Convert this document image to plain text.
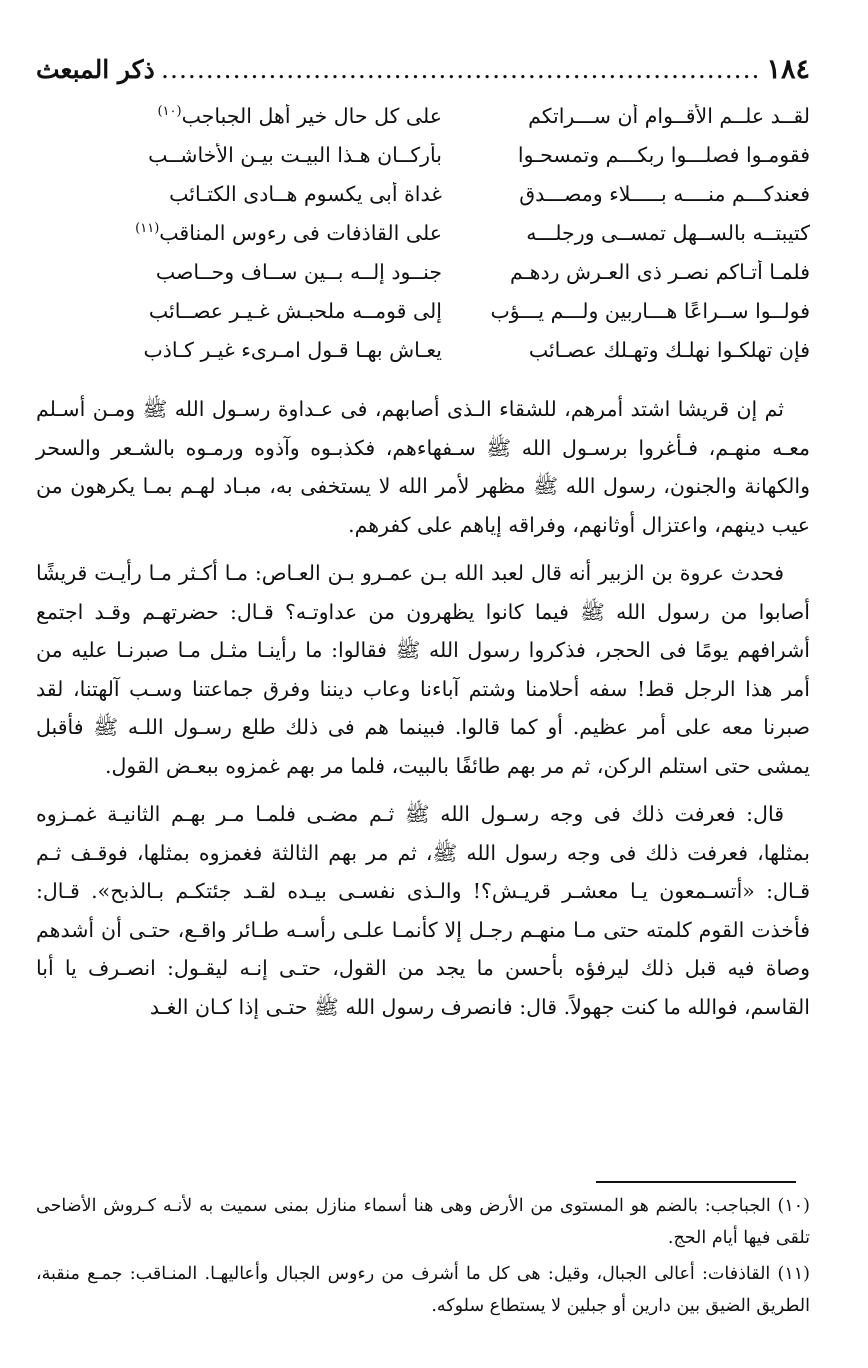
١٨٤
.....
ذكر المبعث
لقــد علــم الأقــوام أن ســـراتكم
على كل حال خير أهل الجباجب$^{(١٠)}$
فقومـوا فصلـــوا ربكـــم وتمسحـوا
بأركــان هـذا البيـت بيـن الأخاشــب
فعندكـــم منــــه بـــــلاء ومصـــدق
غداة أبى يكسوم هــادى الكتـائب
كتيبتــه بالســهل تمســى ورجلـــه
على القاذفات فى رءوس المناقب$^{(١١)}$
فلمـا أتـاكم نصـر ذى العـرش ردهـم
جنــود إلــه بــين ســاف وحــاصب
فولــوا ســراعًا هـــاربين ولـــم يـــؤب
إلى قومــه ملحبـش غـيـر عصــائب
فإن تهلكـوا نهلـك وتهـلك عصـائب
يعـاش بهـا قـول امـرىء غيـر كـاذب

ثم إن قريشا اشتد أمرهم، للشقاء الـذى أصابهم، فى عـداوة رسـول الله ﷺ ومـن أسـلم معـه منهـم، فـأغروا برسـول الله ﷺ سـفهاءهم، فكذبـوه وآذوه ورمـوه بالشـعر والسحر والكهانة والجنون، رسول الله ﷺ مظهر لأمر الله لا يستخفى به، مبـاد لهـم بمـا يكرهون من عيب دينهم، واعتزال أوثانهم، وفراقه إياهم على كفرهم.

فحدث عروة بن الزبير أنه قال لعبد الله بـن عمـرو بـن العـاص: مـا أكـثر مـا رأيـت قريشًا أصابوا من رسول الله ﷺ فيما كانوا يظهرون من عداوتـه؟ قـال: حضرتهـم وقـد اجتمع أشرافهم يومًا فى الحجر، فذكروا رسول الله ﷺ فقالوا: ما رأينـا مثـل مـا صبرنـا عليه من أمر هذا الرجل قط! سفه أحلامنا وشتم آباءنا وعاب ديننا وفرق جماعتنا وسـب آلهتنا، لقد صبرنا معه على أمر عظيم. أو كما قالوا. فبينما هم فى ذلك طلع رسـول اللـه ﷺ فأقبل يمشى حتى استلم الركن، ثم مر بهم طائفًا بالبيت، فلما مر بهم غمزوه ببعـض القول.

قال: فعرفت ذلك فى وجه رسـول الله ﷺ ثـم مضـى فلمـا مـر بهـم الثانيـة غمـزوه بمثلها، فعرفت ذلك فى وجه رسول الله ﷺ، ثم مر بهم الثالثة فغمزوه بمثلها، فوقـف ثـم قـال: «أتسـمعون يـا معشـر قريـش؟! والـذى نفسـى بيـده لقـد جئتكـم بـالذبح». قـال: فأخذت القوم كلمته حتى مـا منهـم رجـل إلا كأنمـا علـى رأسـه طـائر واقـع، حتـى أن أشدهم وصاة فيه قبل ذلك ليرفؤه بأحسن ما يجد من القول، حتـى إنـه ليقـول: انصـرف يا أبا القاسم، فوالله ما كنت جهولاً. قال: فانصرف رسول الله ﷺ حتـى إذا كـان الغـد

(١٠) الجباجب: بالضم هو المستوى من الأرض وهى هنا أسماء منازل بمنى سميت به لأنـه كـروش الأضاحى تلقى فيها أيام الحج.

(١١) القاذفات: أعالى الجبال، وقيل: هى كل ما أشرف من رءوس الجبال وأعاليهـا. المنـاقب: جمـع منقبة، الطريق الضيق بين دارين أو جبلين لا يستطاع سلوكه.
